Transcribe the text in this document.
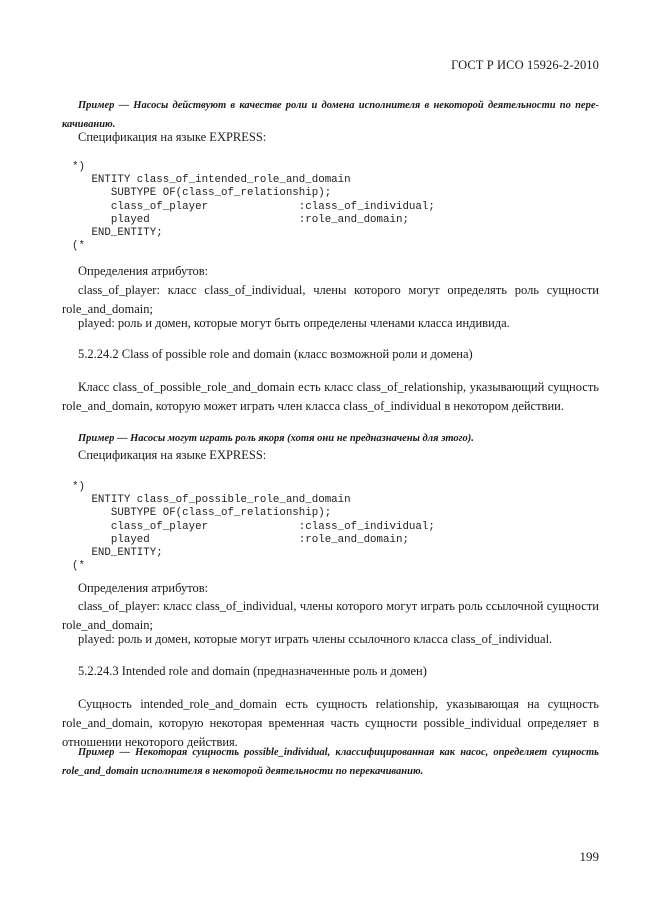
ГОСТ Р ИСО 15926-2-2010

Пример — Насосы действуют в качестве роли и домена исполнителя в некоторой деятельности по пере-качиванию.

Спецификация на языке EXPRESS:

*)
ENTITY class_of_intended_role_and_domain
SUBTYPE OF(class_of_relationship);
class_of_player              :class_of_individual;
played                       :role_and_domain;
END_ENTITY;
(*

Определения атрибутов:

class_of_player: класс class_of_individual, члены которого могут определять роль сущности role_and_domain;

played: роль и домен, которые могут быть определены членами класса индивида.

5.2.24.2 Class of possible role and domain (класс возможной роли и домена)

Класс class_of_possible_role_and_domain есть класс class_of_relationship, указывающий сущность role_and_domain, которую может играть член класса class_of_individual в некотором действии.

Пример — Насосы могут играть роль якоря (хотя они не предназначены для этого).

Спецификация на языке EXPRESS:

*)
ENTITY class_of_possible_role_and_domain
SUBTYPE OF(class_of_relationship);
class_of_player              :class_of_individual;
played                       :role_and_domain;
END_ENTITY;
(*

Определения атрибутов:

class_of_player: класс class_of_individual, члены которого могут играть роль ссылочной сущности role_and_domain;

played: роль и домен, которые могут играть члены ссылочного класса class_of_individual.

5.2.24.3 Intended role and domain (предназначенные роль и домен)

Сущность intended_role_and_domain есть сущность relationship, указывающая на сущность role_and_domain, которую некоторая временная часть сущности possible_individual определяет в отношении некоторого действия.

Пример — Некоторая сущность possible_individual, классифицированная как насос, определяет сущность role_and_domain исполнителя в некоторой деятельности по перекачиванию.

199
